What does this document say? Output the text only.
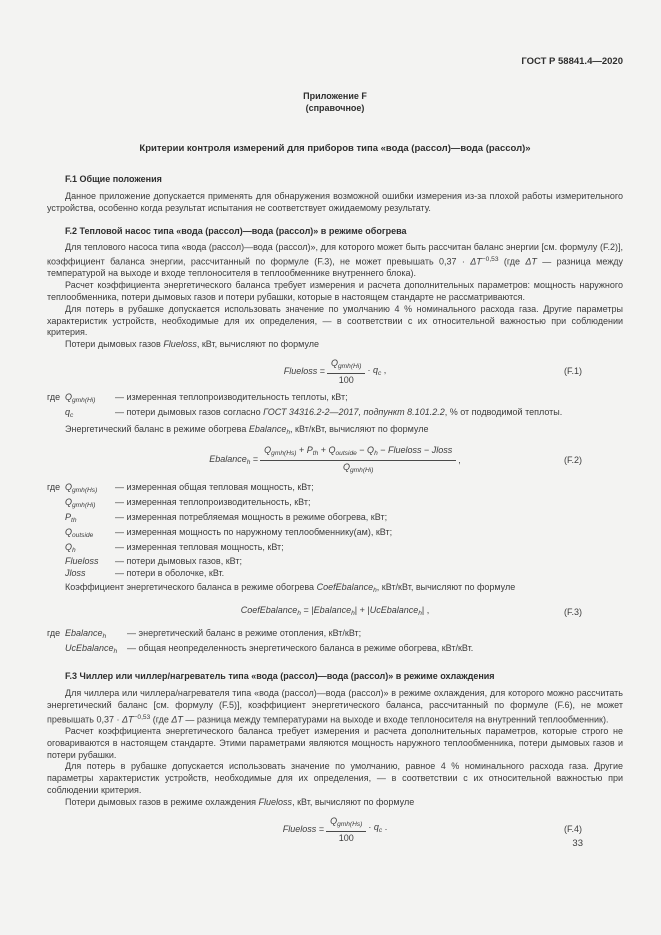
ГОСТ Р 58841.4—2020

Приложение F

(справочное)

Критерии контроля измерений для приборов типа «вода (рассол)—вода (рассол)»

F.1 Общие положения

Данное приложение допускается применять для обнаружения возможной ошибки измерения из-за плохой работы измерительного устройства, особенно когда результат испытания не соответствует ожидаемому результату.

F.2 Тепловой насос типа «вода (рассол)—вода (рассол)» в режиме обогрева

Для теплового насоса типа «вода (рассол)—вода (рассол)», для которого может быть рассчитан баланс энергии [см. формулу (F.2)], коэффициент баланса энергии, рассчитанный по формуле (F.3), не может превышать $0,37 \cdot \Delta T^{-0,53}$ (где ΔT — разница между температурой на выходе и входе теплоносителя в теплообменнике внутреннего блока).

Расчет коэффициента энергетического баланса требует измерения и расчета дополнительных параметров: мощность наружного теплообменника, потери дымовых газов и потери рубашки, которые в настоящем стандарте не рассматриваются.

Для потерь в рубашке допускается использовать значение по умолчанию 4 % номинального расхода газа. Другие параметры характеристик устройств, необходимые для их определения, — в соответствии с их относительной важностью при соблюдении критерия.

Потери дымовых газов Flueloss, кВт, вычисляют по формуле

Flueloss = $\frac{Q_{gmh(Hi)}}{100} \cdot q_c$ ,	(F.1)
где $Q_{gmh(Hi)}$	— измеренная теплопроизводительность теплоты, кВт;
$q_c$	— потери дымовых газов согласно ГОСТ 34316.2-2—2017, подпункт 8.101.2.2, % от подводимой теплоты.

Энергетический баланс в режиме обогрева Ebalance$_h$, кВт/кВт, вычисляют по формуле

Ebalance$_h$ = $\frac{Q_{gmh(Hs)} + P_{th} + Q_{outside} - Q_h - Flueloss - Jloss}{Q_{gmh(Hi)}}$ ,	(F.2)
где $Q_{gmh(Hs)}$	— измеренная общая тепловая мощность, кВт;
$Q_{gmh(Hi)}$	— измеренная теплопроизводительность, кВт;
$P_{th}$	— измеренная потребляемая мощность в режиме обогрева, кВт;
$Q_{outside}$	— измеренная мощность по наружному теплообменнику(ам), кВт;
$Q_h$	— измеренная тепловая мощность, кВт;
Flueloss	— потери дымовых газов, кВт;
Jloss	— потери в оболочке, кВт.

Коэффициент энергетического баланса в режиме обогрева CoefEbalance$_h$, кВт/кВт, вычисляют по формуле

CoefEbalance$_h$ = |Ebalance$_h$| + |UcEbalance$_h$| ,	(F.3)
где Ebalance$_h$	— энергетический баланс в режиме отопления, кВт/кВт;
UcEbalance$_h$	— общая неопределенность энергетического баланса в режиме обогрева, кВт/кВт.

F.3 Чиллер или чиллер/нагреватель типа «вода (рассол)—вода (рассол)» в режиме охлаждения

Для чиллера или чиллера/нагревателя типа «вода (рассол)—вода (рассол)» в режиме охлаждения, для которого можно рассчитать энергетический баланс [см. формулу (F.5)], коэффициент энергетического баланса, рассчитанный по формуле (F.6), не может превышать $0,37 \cdot \Delta T^{-0,53}$ (где ΔT — разница между температурами на выходе и входе теплоносителя на внутренний теплообменник).

Расчет коэффициента энергетического баланса требует измерения и расчета дополнительных параметров, которые строго не оговариваются в настоящем стандарте. Этими параметрами являются мощность наружного теплообменника, потери дымовых газов и потери рубашки.

Для потерь в рубашке допускается использовать значение по умолчанию, равное 4 % номинального расхода газа. Другие параметры характеристик устройств, необходимые для их определения, — в соответствии с их относительной важностью при соблюдении критерия.

Потери дымовых газов в режиме охлаждения Flueloss, кВт, вычисляют по формуле

Flueloss = $\frac{Q_{gmh(Hs)}}{100} \cdot q_c$ .	(F.4)
33
